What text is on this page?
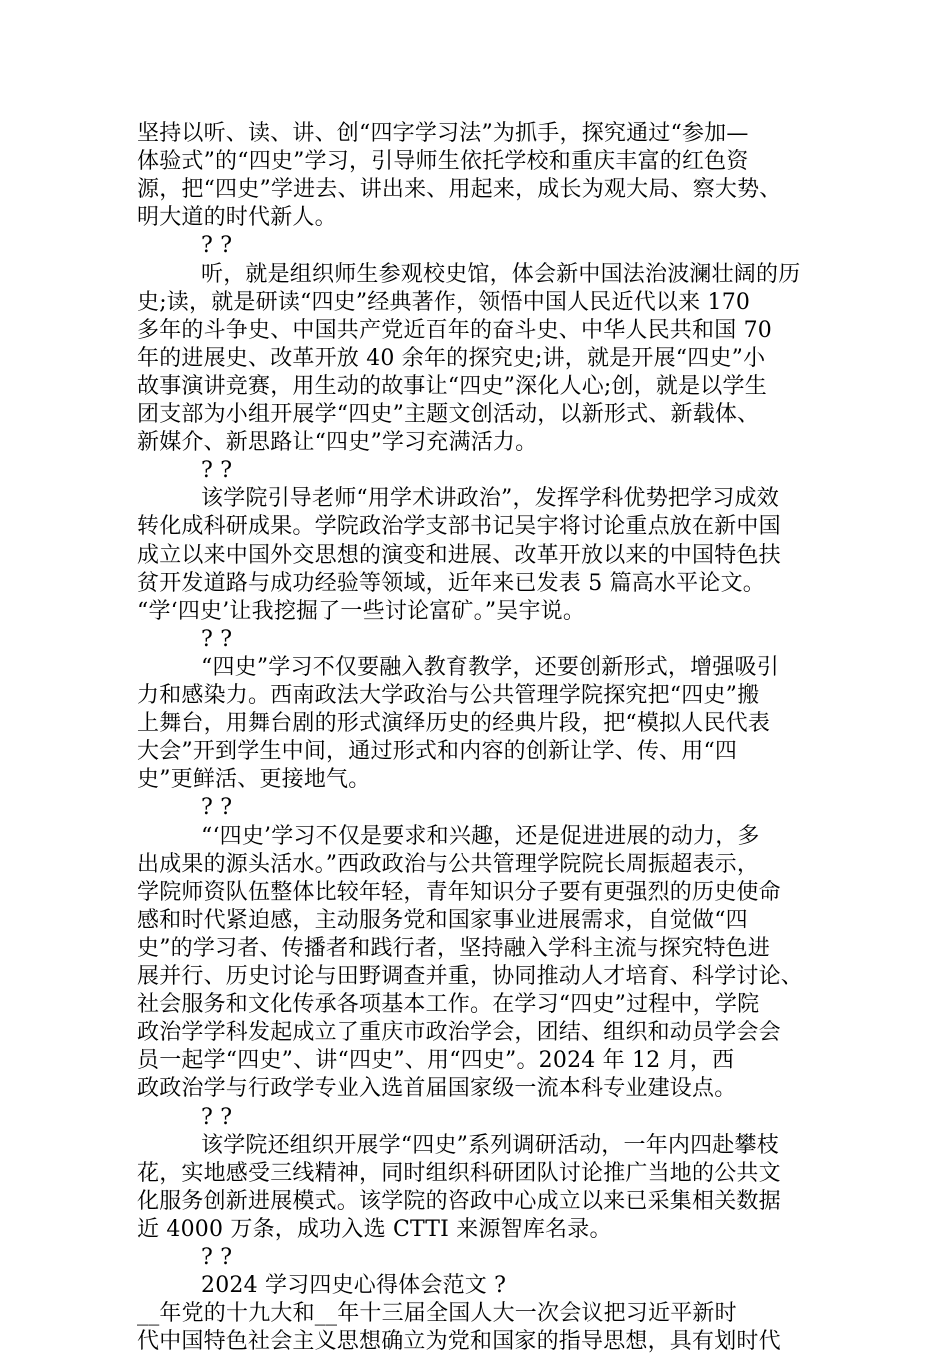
坚持以听、读、讲、创“四字学习法”为抓手，探究通过“参加—
体验式”的“四史”学习，引导师生依托学校和重庆丰富的红色资
源，把“四史”学进去、讲出来、用起来，成长为观大局、察大势、
明大道的时代新人。
? ?
听，就是组织师生参观校史馆，体会新中国法治波澜壮阔的历
史;读，就是研读“四史”经典著作，领悟中国人民近代以来 170
多年的斗争史、中国共产党近百年的奋斗史、中华人民共和国 70
年的进展史、改革开放 40 余年的探究史;讲，就是开展“四史”小
故事演讲竞赛，用生动的故事让“四史”深化人心;创，就是以学生
团支部为小组开展学“四史”主题文创活动，以新形式、新载体、
新媒介、新思路让“四史”学习充满活力。
? ?
该学院引导老师“用学术讲政治”，发挥学科优势把学习成效
转化成科研成果。学院政治学支部书记吴宇将讨论重点放在新中国
成立以来中国外交思想的演变和进展、改革开放以来的中国特色扶
贫开发道路与成功经验等领域，近年来已发表 5 篇高水平论文。
“学‘四史’让我挖掘了一些讨论富矿。”吴宇说。
? ?
“四史”学习不仅要融入教育教学，还要创新形式，增强吸引
力和感染力。西南政法大学政治与公共管理学院探究把“四史”搬
上舞台，用舞台剧的形式演绎历史的经典片段，把“模拟人民代表
大会”开到学生中间，通过形式和内容的创新让学、传、用“四
史”更鲜活、更接地气。
? ?
“‘四史’学习不仅是要求和兴趣，还是促进进展的动力，多
出成果的源头活水。”西政政治与公共管理学院院长周振超表示，
学院师资队伍整体比较年轻，青年知识分子要有更强烈的历史使命
感和时代紧迫感，主动服务党和国家事业进展需求，自觉做“四
史”的学习者、传播者和践行者，坚持融入学科主流与探究特色进
展并行、历史讨论与田野调查并重，协同推动人才培育、科学讨论、
社会服务和文化传承各项基本工作。在学习“四史”过程中，学院
政治学学科发起成立了重庆市政治学会，团结、组织和动员学会会
员一起学“四史”、讲“四史”、用“四史”。2024 年 12 月，西
政政治学与行政学专业入选首届国家级一流本科专业建设点。
? ?
该学院还组织开展学“四史”系列调研活动，一年内四赴攀枝
花，实地感受三线精神，同时组织科研团队讨论推广当地的公共文
化服务创新进展模式。该学院的咨政中心成立以来已采集相关数据
近 4000 万条，成功入选 CTTI 来源智库名录。
? ?
2024 学习四史心得体会范文 ?
__年党的十九大和__年十三届全国人大一次会议把习近平新时
代中国特色社会主义思想确立为党和国家的指导思想，具有划时代
